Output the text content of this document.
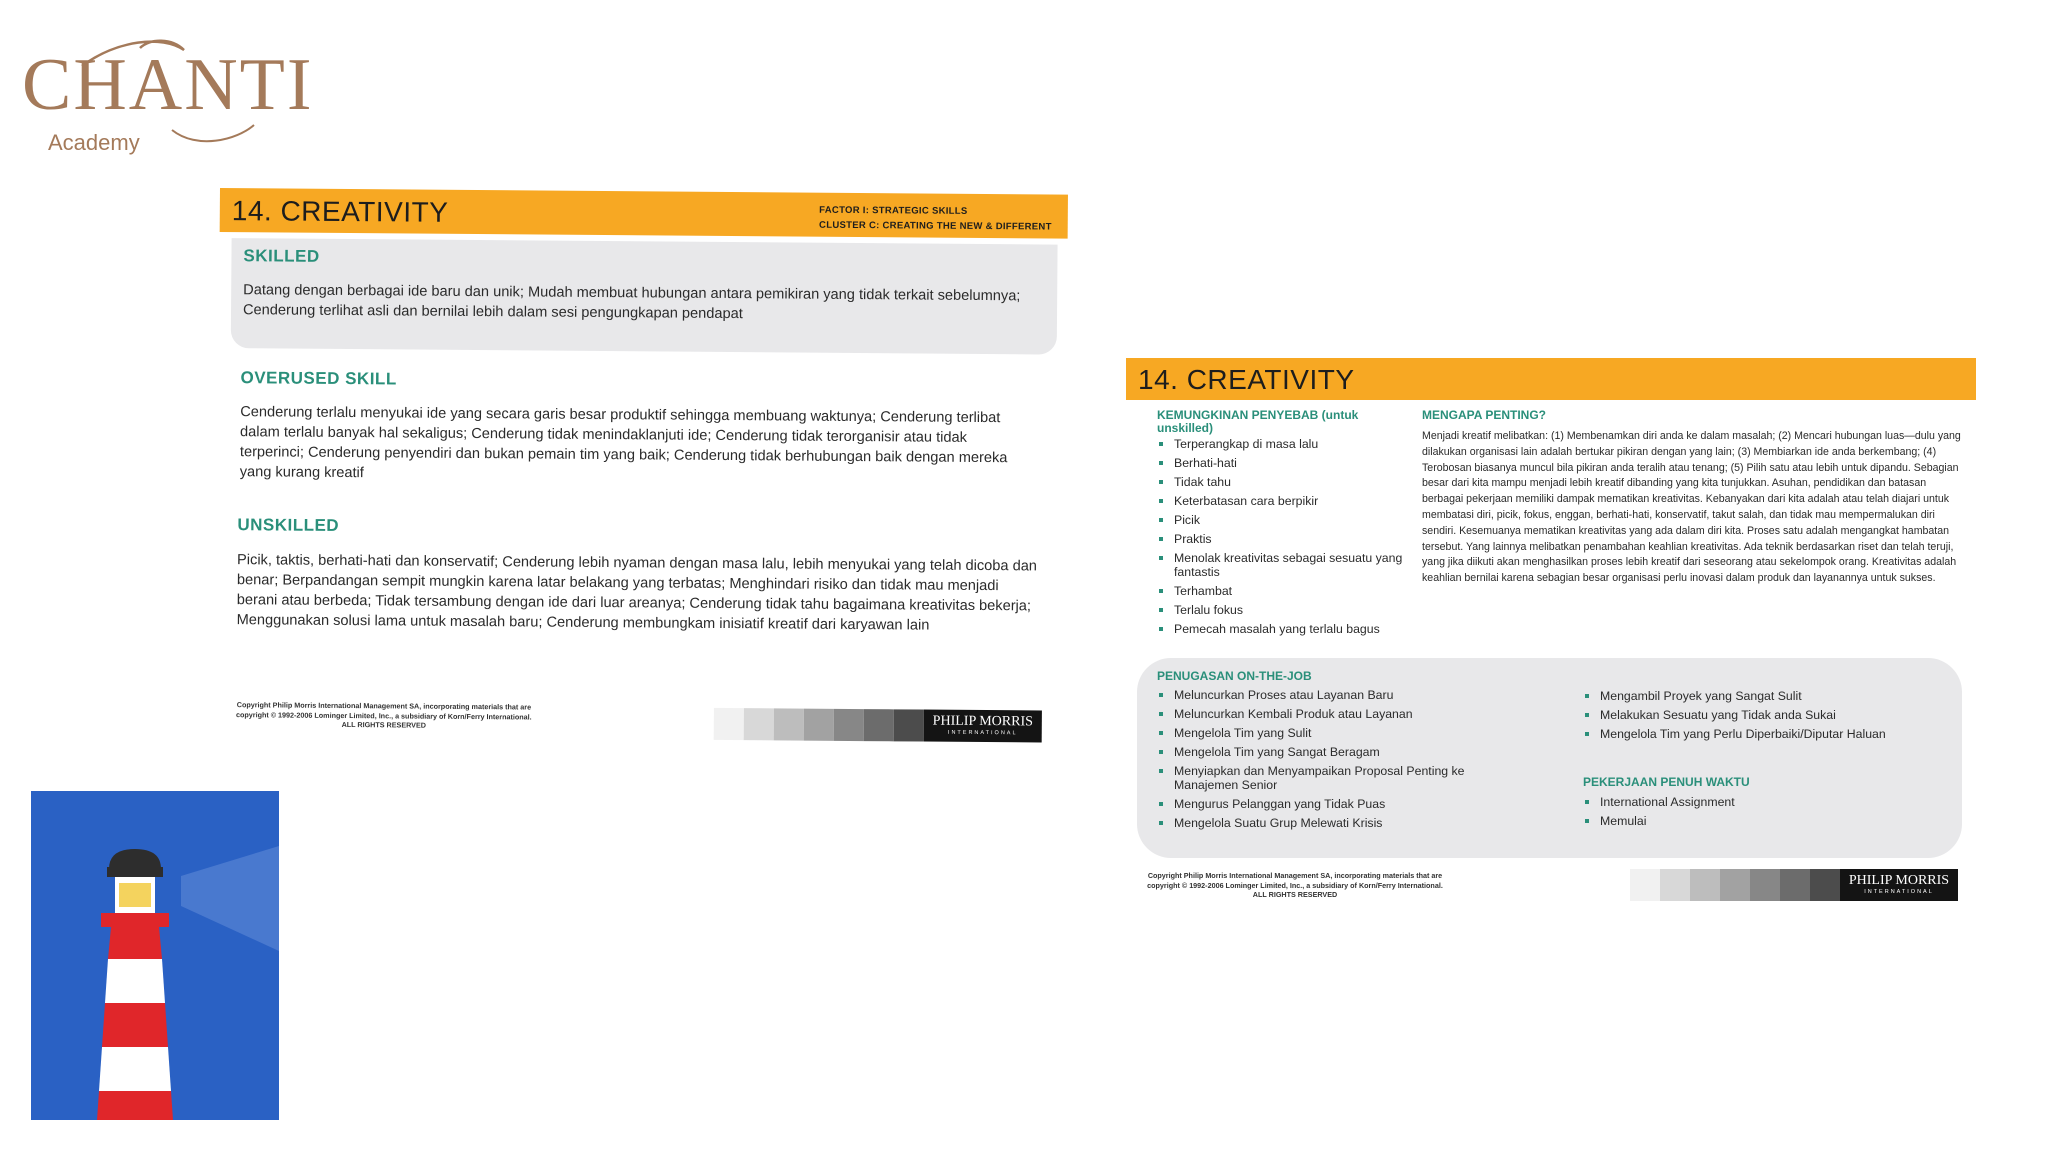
CHANTI
Academy
14. CREATIVITY	FACTOR I: STRATEGIC SKILLS
CLUSTER C: CREATING THE NEW & DIFFERENT
SKILLED
Datang dengan berbagai ide baru dan unik; Mudah membuat hubungan antara pemikiran yang tidak terkait sebelumnya; Cenderung terlihat asli dan bernilai lebih dalam sesi pengungkapan pendapat
OVERUSED SKILL
Cenderung terlalu menyukai ide yang secara garis besar produktif sehingga membuang waktunya; Cenderung terlibat dalam terlalu banyak hal sekaligus; Cenderung tidak menindaklanjuti ide; Cenderung tidak terorganisir atau tidak terperinci; Cenderung penyendiri dan bukan pemain tim yang baik; Cenderung tidak berhubungan baik dengan mereka yang kurang kreatif
UNSKILLED
Picik, taktis, berhati-hati dan konservatif; Cenderung lebih nyaman dengan masa lalu, lebih menyukai yang telah dicoba dan benar; Berpandangan sempit mungkin karena latar belakang yang terbatas; Menghindari risiko dan tidak mau menjadi berani atau berbeda; Tidak tersambung dengan ide dari luar areanya; Cenderung tidak tahu bagaimana kreativitas bekerja; Menggunakan solusi lama untuk masalah baru; Cenderung membungkam inisiatif kreatif dari karyawan lain
Copyright Philip Morris International Management SA, incorporating materials that are
copyright © 1992-2006 Lominger Limited, Inc., a subsidiary of Korn/Ferry International.
ALL RIGHTS RESERVED	PHILIP MORRIS
INTERNATIONAL
14. CREATIVITY
KEMUNGKINAN PENYEBAB (untuk unskilled)
Terperangkap di masa lalu
Berhati-hati
Tidak tahu
Keterbatasan cara berpikir
Picik
Praktis
Menolak kreativitas sebagai sesuatu yang fantastis
Terhambat
Terlalu fokus
Pemecah masalah yang terlalu bagus
MENGAPA PENTING?
Menjadi kreatif melibatkan: (1) Membenamkan diri anda ke dalam masalah; (2) Mencari hubungan luas—dulu yang dilakukan organisasi lain adalah bertukar pikiran dengan yang lain; (3) Membiarkan ide anda berkembang; (4) Terobosan biasanya muncul bila pikiran anda teralih atau tenang; (5) Pilih satu atau lebih untuk dipandu. Sebagian besar dari kita mampu menjadi lebih kreatif dibanding yang kita tunjukkan. Asuhan, pendidikan dan batasan berbagai pekerjaan memiliki dampak mematikan kreativitas. Kebanyakan dari kita adalah atau telah diajari untuk membatasi diri, picik, fokus, enggan, berhati-hati, konservatif, takut salah, dan tidak mau mempermalukan diri sendiri. Kesemuanya mematikan kreativitas yang ada dalam diri kita. Proses satu adalah mengangkat hambatan tersebut. Yang lainnya melibatkan penambahan keahlian kreativitas. Ada teknik berdasarkan riset dan telah teruji, yang jika diikuti akan menghasilkan proses lebih kreatif dari seseorang atau sekelompok orang. Kreativitas adalah keahlian bernilai karena sebagian besar organisasi perlu inovasi dalam produk dan layanannya untuk sukses.
PENUGASAN ON-THE-JOB
Meluncurkan Proses atau Layanan Baru
Meluncurkan Kembali Produk atau Layanan
Mengelola Tim yang Sulit
Mengelola Tim yang Sangat Beragam
Menyiapkan dan Menyampaikan Proposal Penting ke Manajemen Senior
Mengurus Pelanggan yang Tidak Puas
Mengelola Suatu Grup Melewati Krisis
Mengambil Proyek yang Sangat Sulit
Melakukan Sesuatu yang Tidak anda Sukai
Mengelola Tim yang Perlu Diperbaiki/Diputar Haluan
PEKERJAAN PENUH WAKTU
International Assignment
Memulai
Copyright Philip Morris International Management SA, incorporating materials that are
copyright © 1992-2006 Lominger Limited, Inc., a subsidiary of Korn/Ferry International.
ALL RIGHTS RESERVED
PHILIP MORRIS
INTERNATIONAL
